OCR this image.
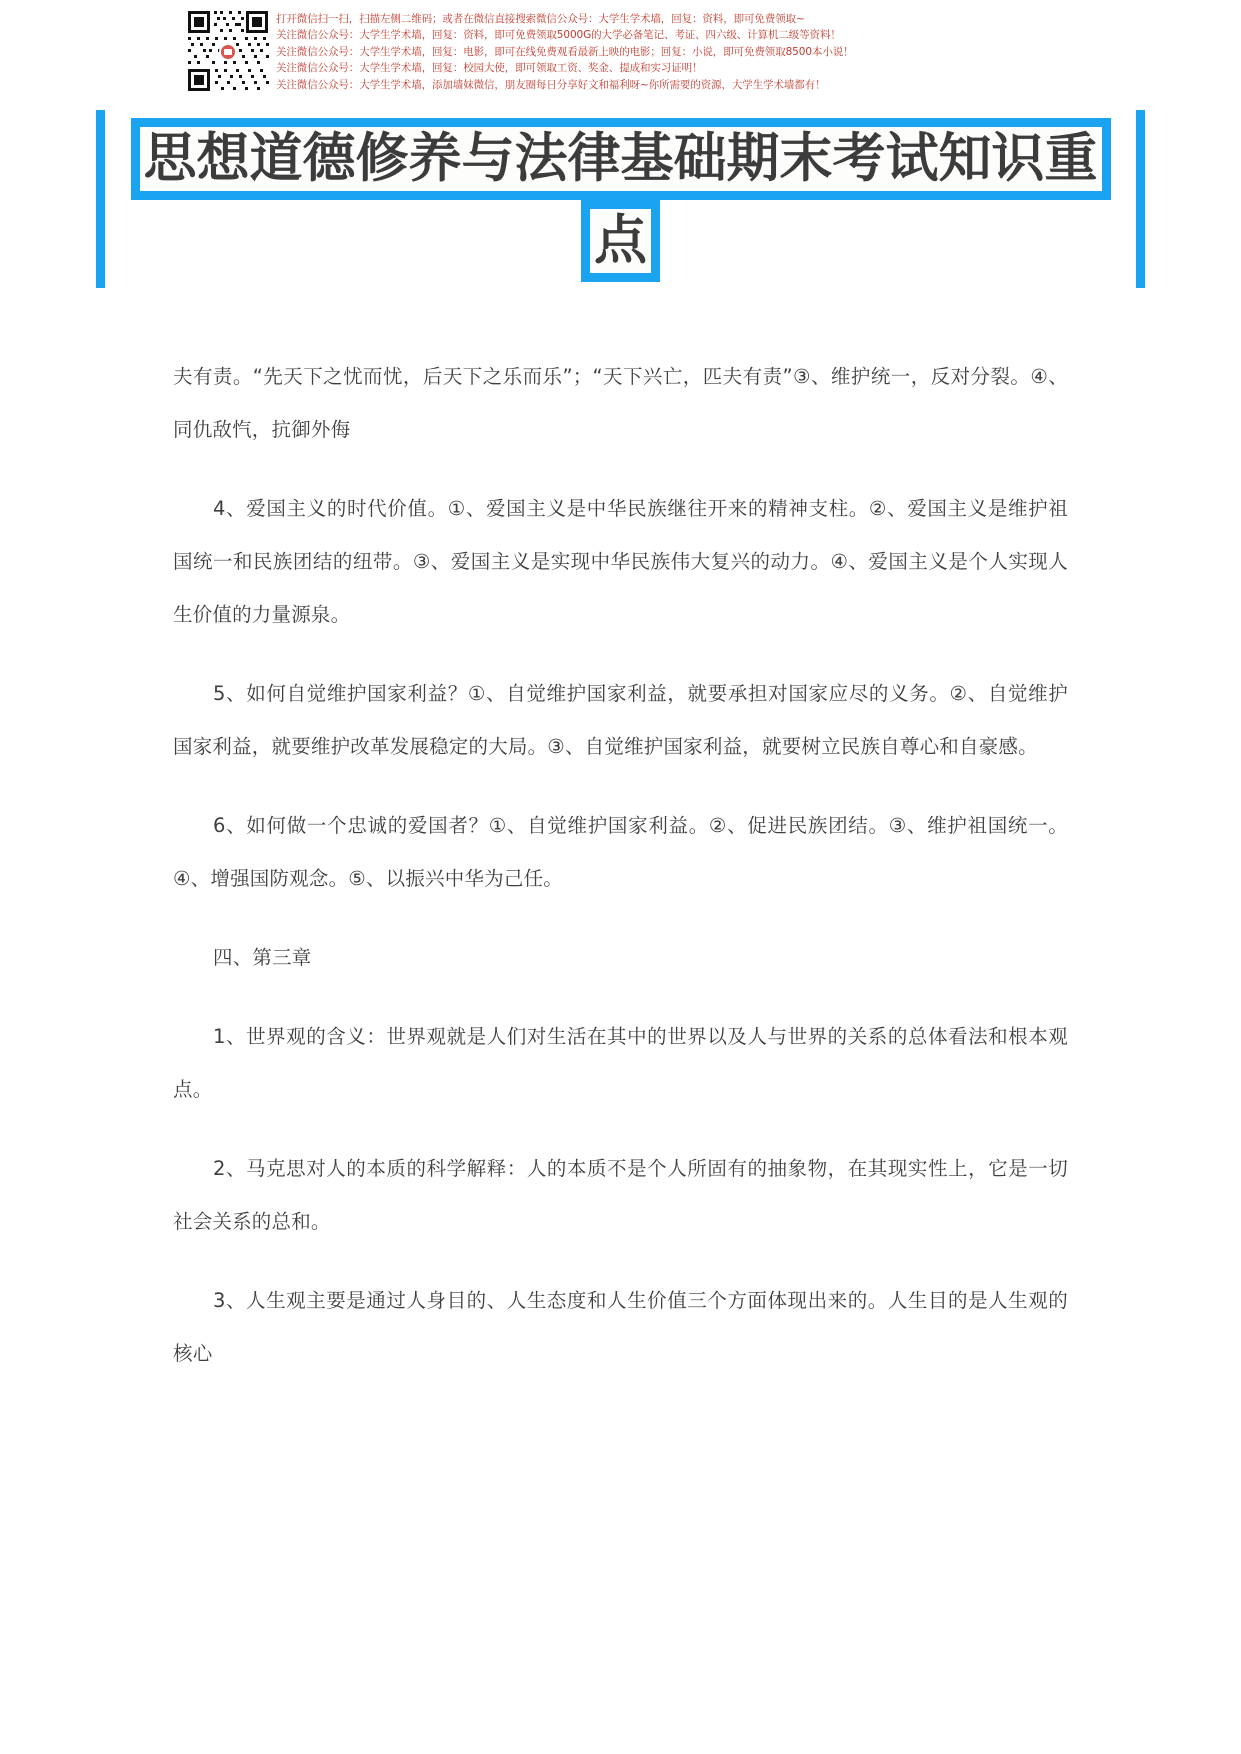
打开微信扫一扫，扫描左侧二维码；或者在微信直接搜索微信公众号：大学生学术墙，回复：资料，即可免费领取~
关注微信公众号：大学生学术墙，回复：资料，即可免费领取5000G的大学必备笔记、考证、四六级、计算机二级等资料！
关注微信公众号：大学生学术墙，回复：电影，即可在线免费观看最新上映的电影；回复：小说，即可免费领取8500本小说！
关注微信公众号：大学生学术墙，回复：校园大使，即可领取工资、奖金、提成和实习证明！
关注微信公众号：大学生学术墙，添加墙妹微信，朋友圈每日分享好文和福利呀~你所需要的资源，大学生学术墙都有！
思想道德修养与法律基础期末考试知识重点

夫有责。“先天下之忧而忧，后天下之乐而乐”；“天下兴亡，匹夫有责”③、维护统一，反对分裂。④、同仇敌忾，抗御外侮

4、爱国主义的时代价值。①、爱国主义是中华民族继往开来的精神支柱。②、爱国主义是维护祖国统一和民族团结的纽带。③、爱国主义是实现中华民族伟大复兴的动力。④、爱国主义是个人实现人生价值的力量源泉。

5、如何自觉维护国家利益？①、自觉维护国家利益，就要承担对国家应尽的义务。②、自觉维护国家利益，就要维护改革发展稳定的大局。③、自觉维护国家利益，就要树立民族自尊心和自豪感。

6、如何做一个忠诚的爱国者？①、自觉维护国家利益。②、促进民族团结。③、维护祖国统一。④、增强国防观念。⑤、以振兴中华为己任。

四、第三章

1、世界观的含义：世界观就是人们对生活在其中的世界以及人与世界的关系的总体看法和根本观点。

2、马克思对人的本质的科学解释：人的本质不是个人所固有的抽象物，在其现实性上，它是一切社会关系的总和。

3、人生观主要是通过人身目的、人生态度和人生价值三个方面体现出来的。人生目的是人生观的核心
